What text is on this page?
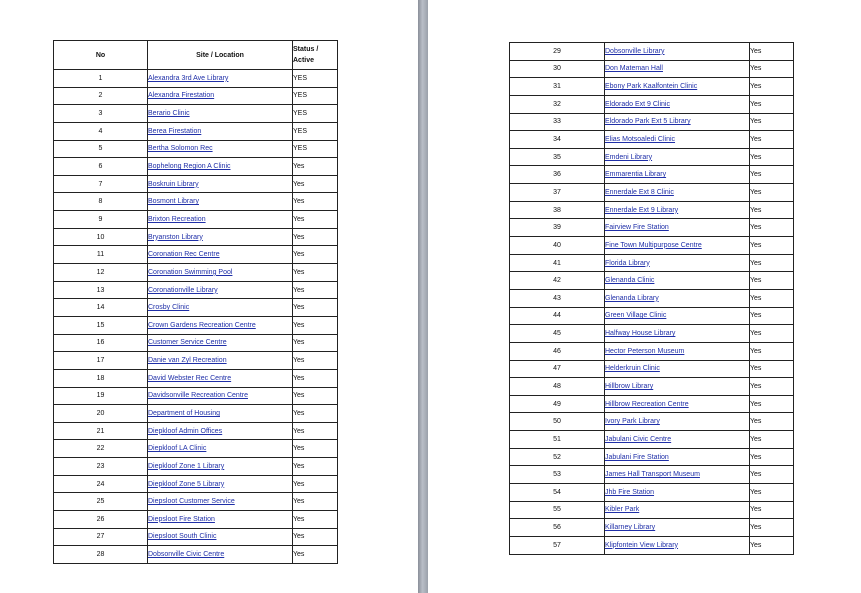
No	Site / Location	Status /
Active
1	Alexandra 3rd Ave Library	YES
2	Alexandra Firestation	YES
3	Berario Clinic	YES
4	Berea Firestation	YES
5	Bertha Solomon Rec	YES
6	Bophelong Region A Clinic	Yes
7	Boskruin Library	Yes
8	Bosmont Library	Yes
9	Brixton Recreation	Yes
10	Bryanston Library	Yes
11	Coronation Rec Centre	Yes
12	Coronation Swimming Pool	Yes
13	Coronationville Library	Yes
14	Crosby Clinic	Yes
15	Crown Gardens Recreation Centre	Yes
16	Customer Service Centre	Yes
17	Danie van Zyl Recreation	Yes
18	David Webster Rec Centre	Yes
19	Davidsonville Recreation Centre	Yes
20	Department of Housing	Yes
21	Diepkloof Admin Offices	Yes
22	Diepkloof LA Clinic	Yes
23	Diepkloof Zone 1 Library	Yes
24	Diepkloof Zone 5 Library	Yes
25	Diepsloot Customer Service	Yes
26	Diepsloot Fire Station	Yes
27	Diepsloot South Clinic	Yes
28	Dobsonville Civic Centre	Yes
29	Dobsonville Library	Yes
30	Don Mateman Hall	Yes
31	Ebony Park Kaalfontein Clinic	Yes
32	Eldorado Ext 9 Clinic	Yes
33	Eldorado Park Ext 5 Library	Yes
34	Elias Motsoaledi Clinic	Yes
35	Emdeni Library	Yes
36	Emmarentia Library	Yes
37	Ennerdale Ext 8 Clinic	Yes
38	Ennerdale Ext 9 Library	Yes
39	Fairview Fire Station	Yes
40	Fine Town Multipurpose Centre	Yes
41	Florida Library	Yes
42	Glenanda Clinic	Yes
43	Glenanda Library	Yes
44	Green Village Clinic	Yes
45	Halfway House Library	Yes
46	Hector Peterson Museum	Yes
47	Helderkruin Clinic	Yes
48	Hillbrow Library	Yes
49	Hillbrow Recreation Centre	Yes
50	Ivory Park Library	Yes
51	Jabulani Civic Centre	Yes
52	Jabulani Fire Station	Yes
53	James Hall Transport Museum	Yes
54	Jhb Fire Station	Yes
55	Kibler Park	Yes
56	Killarney Library	Yes
57	Klipfontein View Library	Yes
